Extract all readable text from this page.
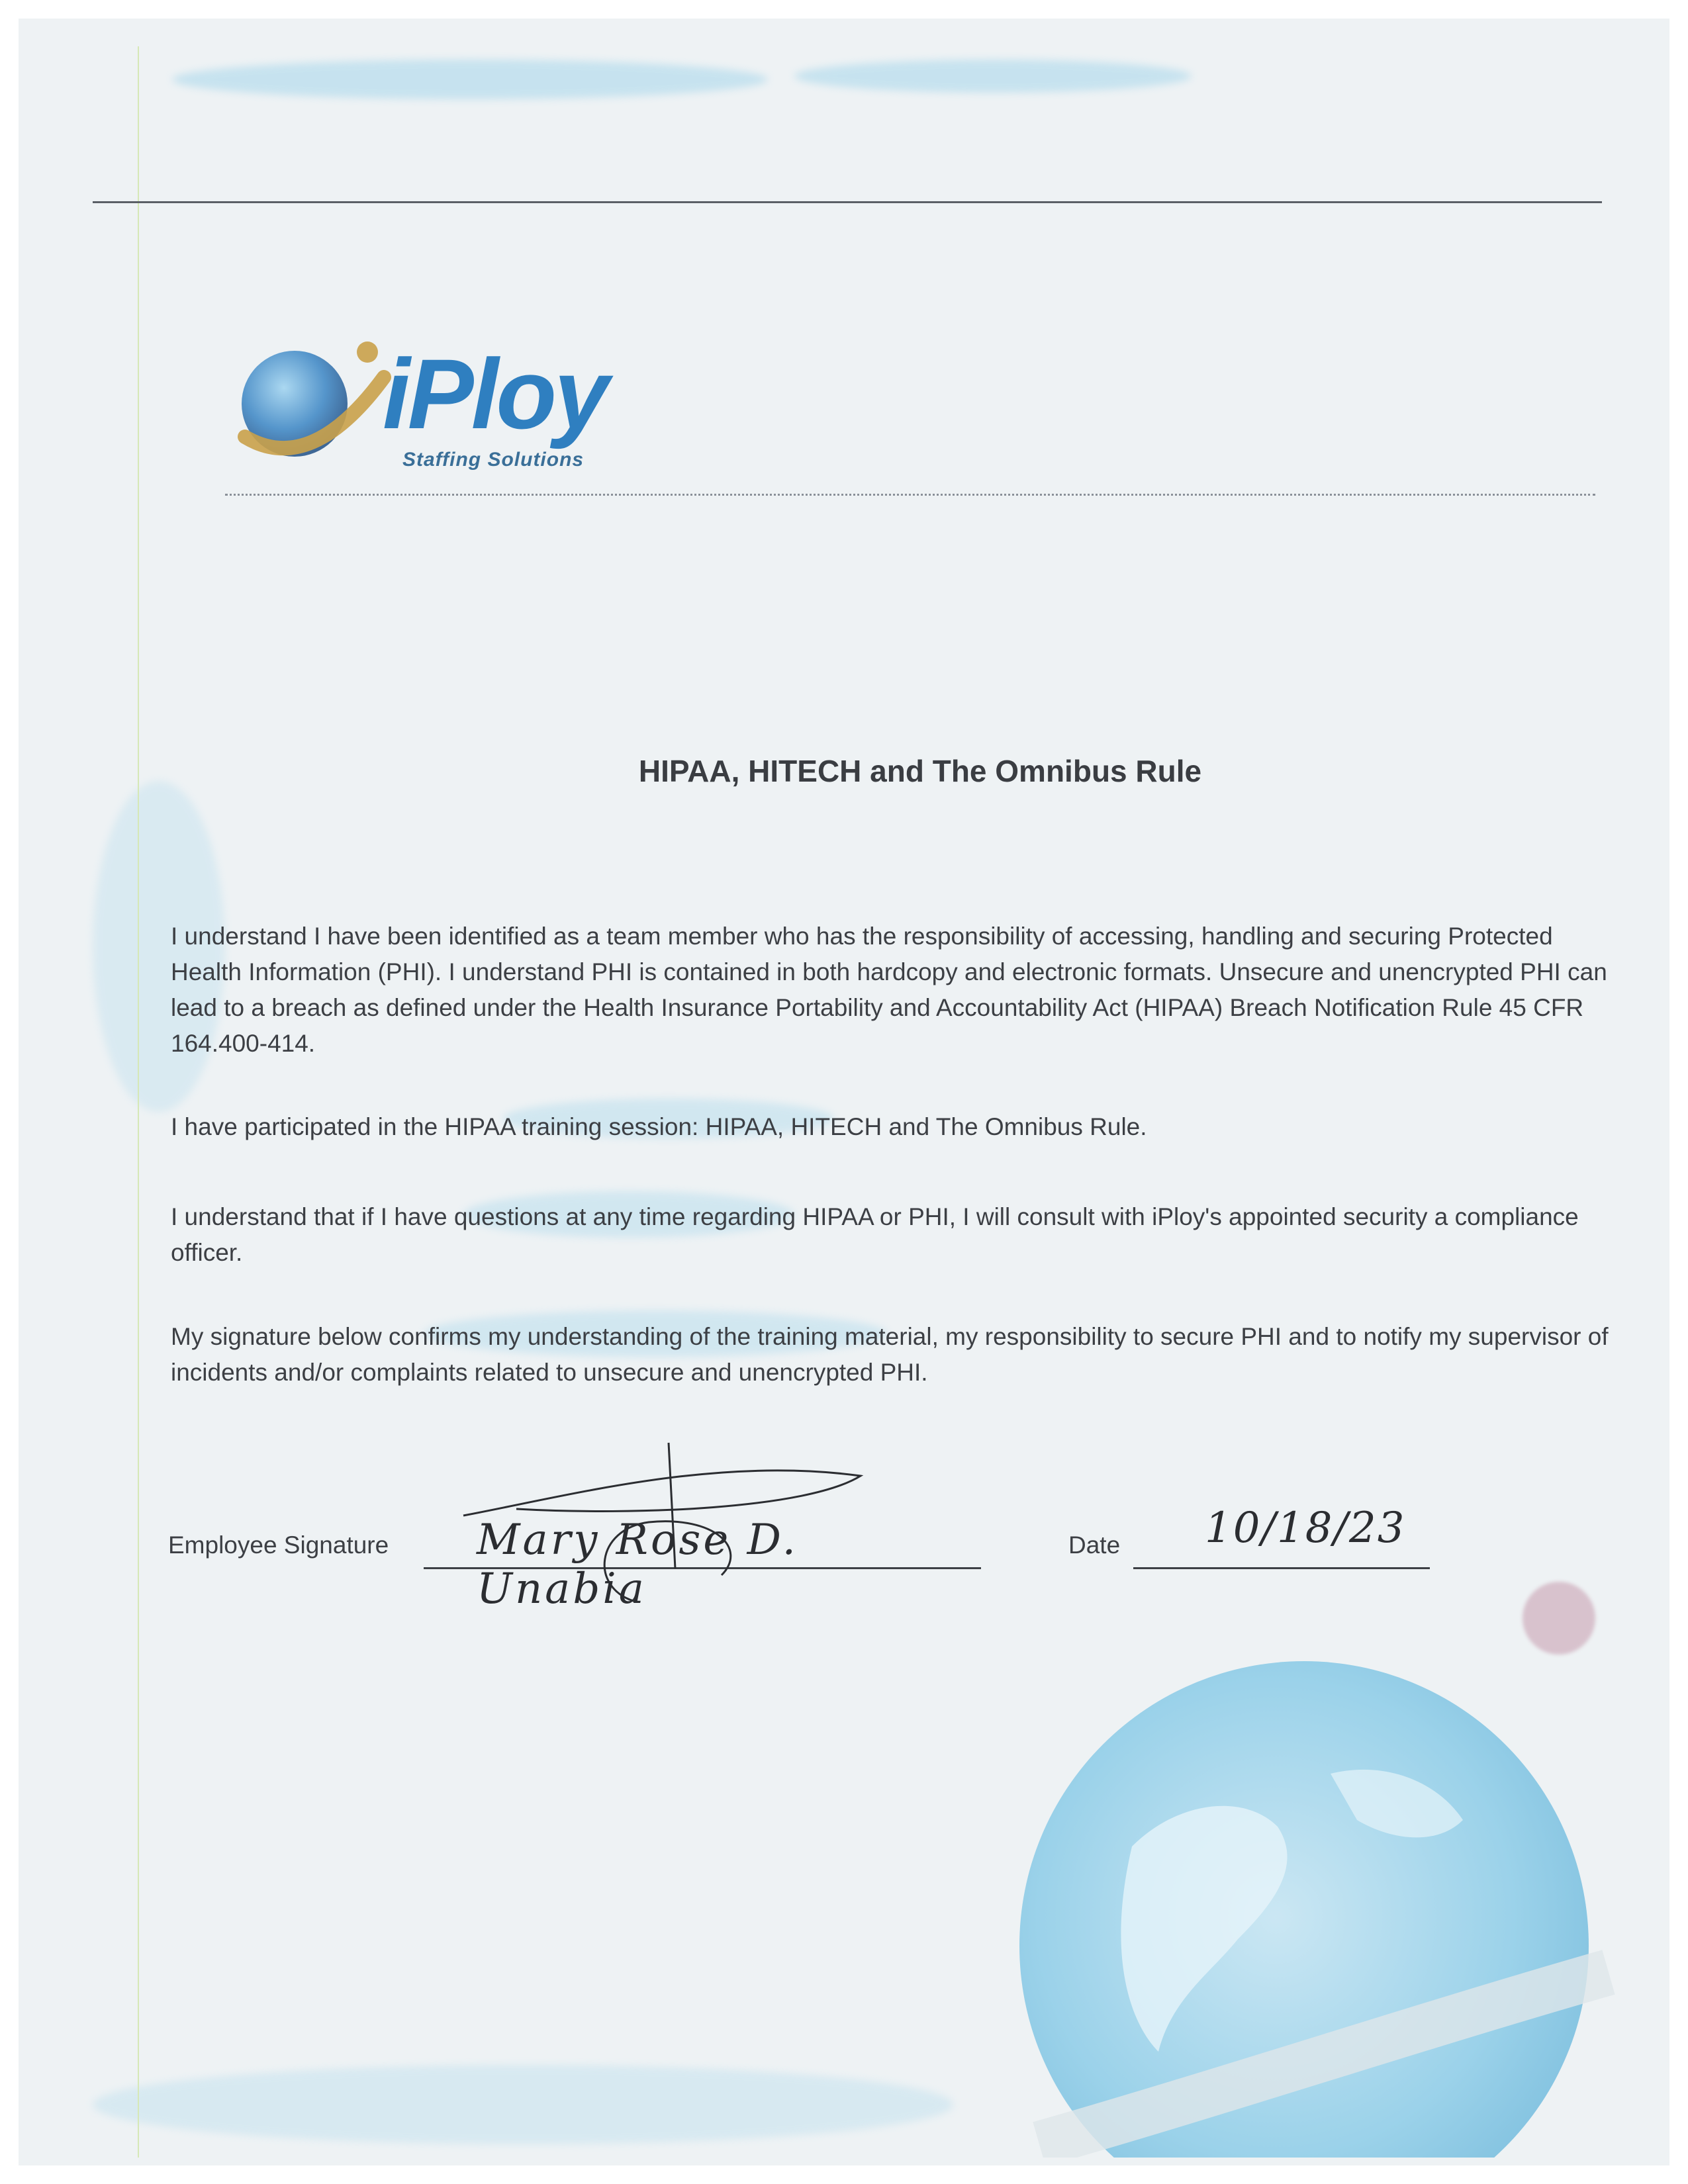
iPloy
Staffing Solutions
HIPAA, HITECH and The Omnibus Rule

I understand I have been identified as a team member who has the responsibility of accessing, handling and securing Protected Health Information (PHI). I understand PHI is contained in both hardcopy and electronic formats. Unsecure and unencrypted PHI can lead to a breach as defined under the Health Insurance Portability and Accountability Act (HIPAA) Breach Notification Rule 45 CFR 164.400-414.

I have participated in the HIPAA training session: HIPAA, HITECH and The Omnibus Rule.

I understand that if I have questions at any time regarding HIPAA or PHI, I will consult with iPloy's appointed security a compliance officer.

My signature below confirms my understanding of the training material, my responsibility to secure PHI and to notify my supervisor of incidents and/or complaints related to unsecure and unencrypted PHI.

Employee Signature Mary Rose D. Unabia
Date 10/18/23
